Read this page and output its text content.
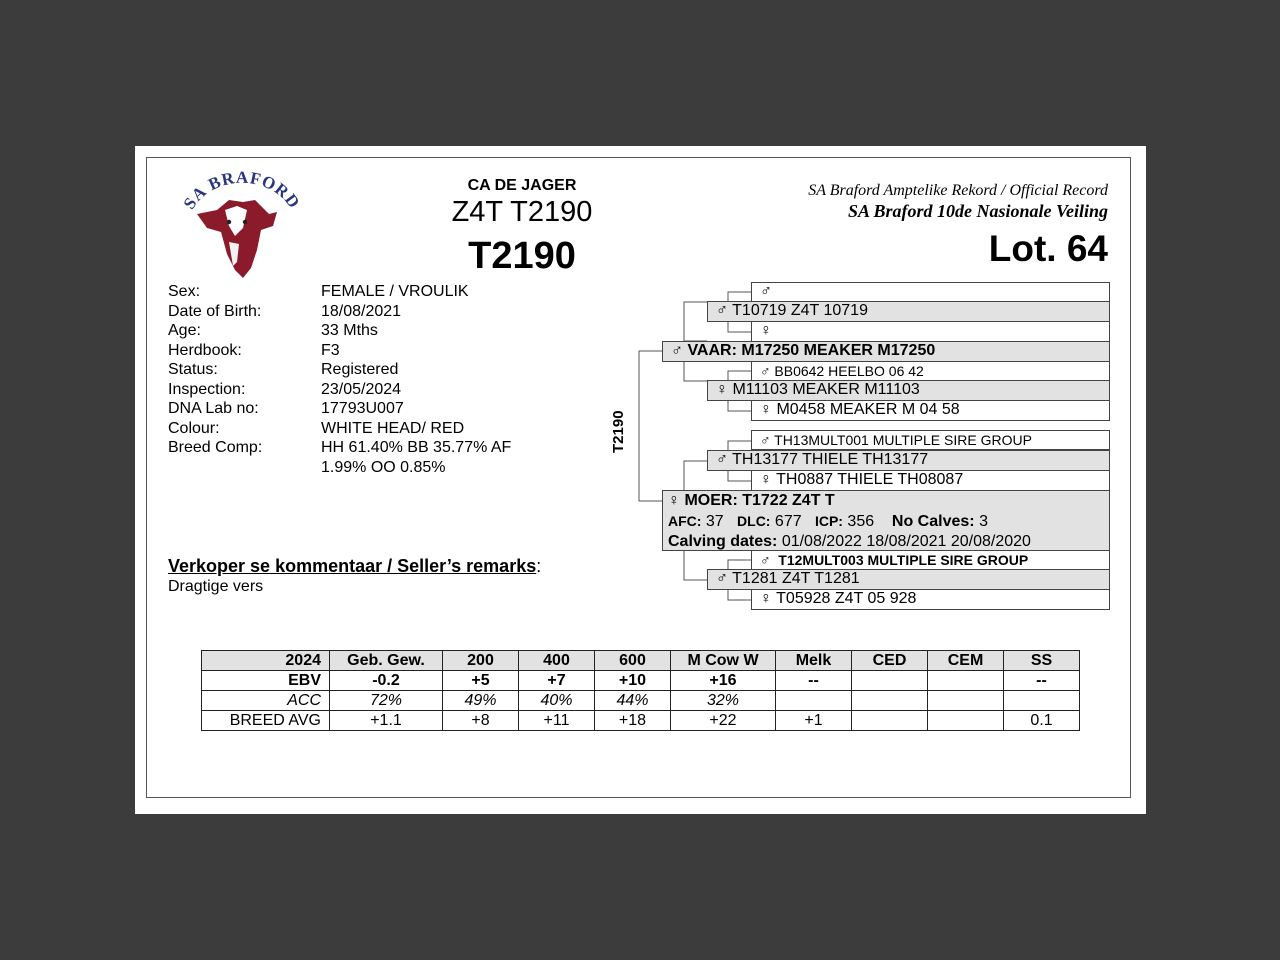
SA BRAFORD
CA DE JAGER
Z4T T2190
T2190
SA Braford Amptelike Rekord / Official Record
SA Braford 10de Nasionale Veiling
Lot. 64
Sex:	FEMALE / VROULIK
Date of Birth:	18/08/2021
Age:	33 Mths
Herdbook:	F3
Status:	Registered
Inspection:	23/05/2024
DNA Lab no:	17793U007
Colour:	WHITE HEAD/ RED
Breed Comp:	HH 61.40% BB 35.77% AF 1.99% OO 0.85%
Verkoper se kommentaar / Seller’s remarks:
Dragtige vers
T2190
♂
♂ T10719 Z4T 10719
♀
♂ VAAR: M17250 MEAKER M17250
♂ BB0642 HEELBO 06 42
♀ M11103 MEAKER M11103
♀ M0458 MEAKER M 04 58
♂ TH13MULT001 MULTIPLE SIRE GROUP
♂ TH13177 THIELE TH13177
♀ TH0887 THIELE TH08087
♀ MOER: T1722 Z4T T
AFC: 37 DLC: 677 ICP: 356 No Calves: 3
Calving dates: 01/08/2022 18/08/2021 20/08/2020
♂ T12MULT003 MULTIPLE SIRE GROUP
♂ T1281 Z4T T1281
♀ T05928 Z4T 05 928
2024	Geb. Gew.	200	400	600	M Cow W	Melk	CED	CEM	SS
EBV	-0.2	+5	+7	+10	+16	--			--
ACC	72%	49%	40%	44%	32%				
BREED AVG	+1.1	+8	+11	+18	+22	+1			0.1
